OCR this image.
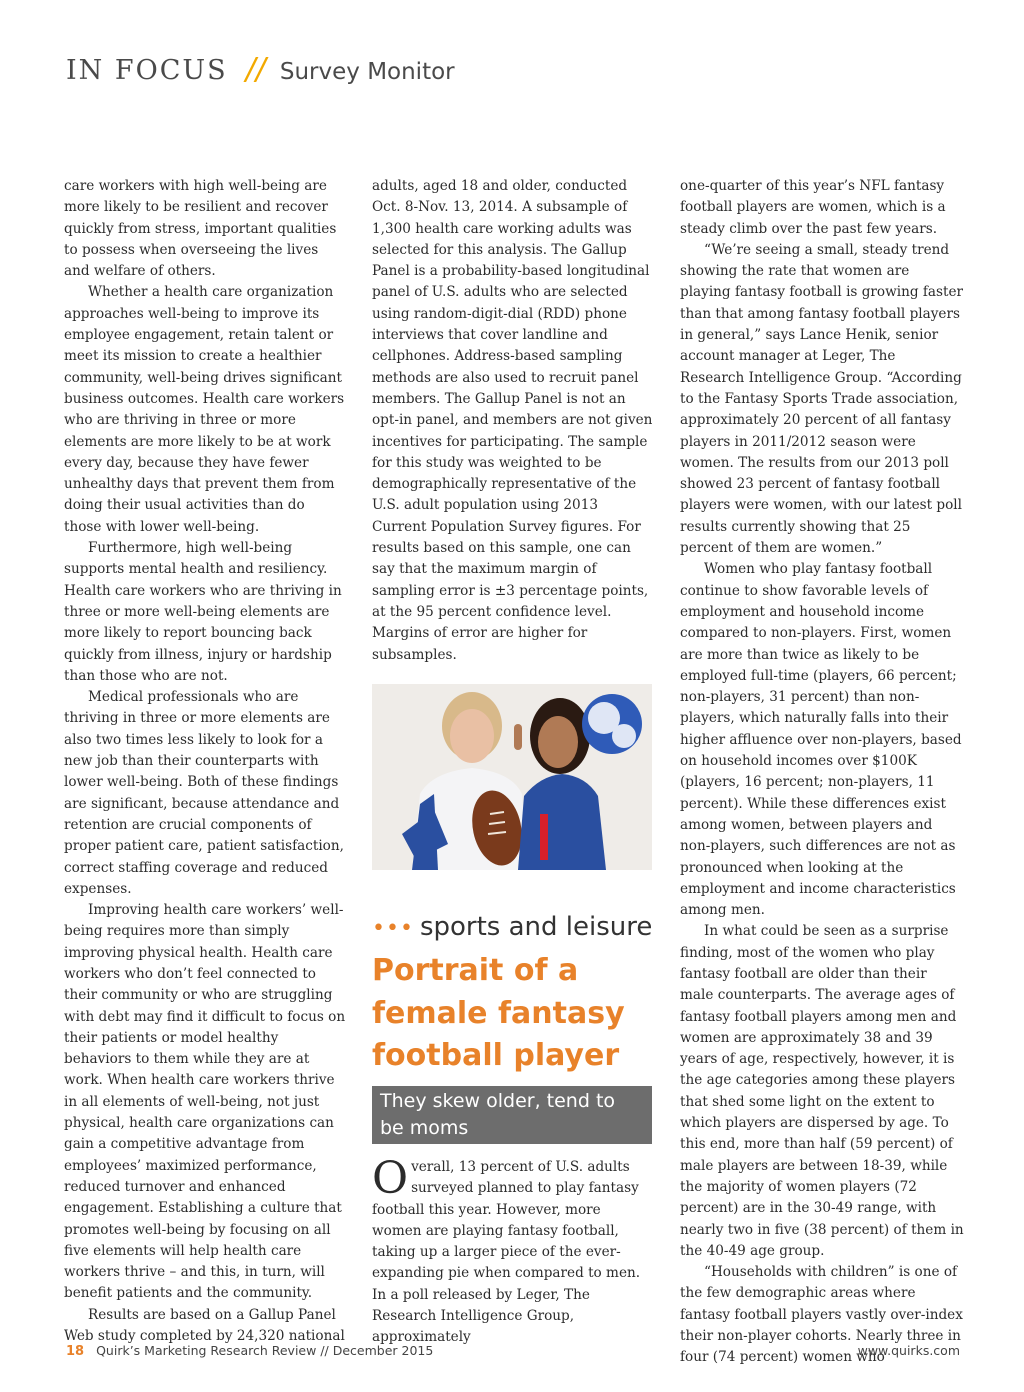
IN FOCUS // Survey Monitor

care workers with high well-being are more likely to be resilient and recover quickly from stress, important qualities to possess when overseeing the lives and welfare of others.

Whether a health care organization approaches well-being to improve its employee engagement, retain talent or meet its mission to create a healthier community, well-being drives significant business outcomes. Health care workers who are thriving in three or more elements are more likely to be at work every day, because they have fewer unhealthy days that prevent them from doing their usual activities than do those with lower well-being.

Furthermore, high well-being supports mental health and resiliency. Health care workers who are thriving in three or more well-being elements are more likely to report bouncing back quickly from illness, injury or hardship than those who are not.

Medical professionals who are thriving in three or more elements are also two times less likely to look for a new job than their counterparts with lower well-being. Both of these findings are significant, because attendance and retention are crucial components of proper patient care, patient satisfaction, correct staffing coverage and reduced expenses.

Improving health care workers’ well-being requires more than simply improving physical health. Health care workers who don’t feel connected to their community or who are struggling with debt may find it difficult to focus on their patients or model healthy behaviors to them while they are at work. When health care workers thrive in all elements of well-being, not just physical, health care organizations can gain a competitive advantage from employees’ maximized performance, reduced turnover and enhanced engagement. Establishing a culture that promotes well-being by focusing on all five elements will help health care workers thrive – and this, in turn, will benefit patients and the community.

Results are based on a Gallup Panel Web study completed by 24,320 national

adults, aged 18 and older, conducted Oct. 8-Nov. 13, 2014. A subsample of 1,300 health care working adults was selected for this analysis. The Gallup Panel is a probability-based longitudinal panel of U.S. adults who are selected using random-digit-dial (RDD) phone interviews that cover landline and cellphones. Address-based sampling methods are also used to recruit panel members. The Gallup Panel is not an opt-in panel, and members are not given incentives for participating. The sample for this study was weighted to be demographically representative of the U.S. adult population using 2013 Current Population Survey figures. For results based on this sample, one can say that the maximum margin of sampling error is ±3 percentage points, at the 95 percent confidence level. Margins of error are higher for subsamples.

••• sports and leisure
Portrait of a female fantasy football player
They skew older, tend to be moms

Overall, 13 percent of U.S. adults surveyed planned to play fantasy football this year. However, more women are playing fantasy football, taking up a larger piece of the ever-expanding pie when compared to men. In a poll released by Leger, The Research Intelligence Group, approximately

one-quarter of this year’s NFL fantasy football players are women, which is a steady climb over the past few years.

“We’re seeing a small, steady trend showing the rate that women are playing fantasy football is growing faster than that among fantasy football players in general,” says Lance Henik, senior account manager at Leger, The Research Intelligence Group. “According to the Fantasy Sports Trade association, approximately 20 percent of all fantasy players in 2011/2012 season were women. The results from our 2013 poll showed 23 percent of fantasy football players were women, with our latest poll results currently showing that 25 percent of them are women.”

Women who play fantasy football continue to show favorable levels of employment and household income compared to non-players. First, women are more than twice as likely to be employed full-time (players, 66 percent; non-players, 31 percent) than non-players, which naturally falls into their higher affluence over non-players, based on household incomes over $100K (players, 16 percent; non-players, 11 percent). While these differences exist among women, between players and non-players, such differences are not as pronounced when looking at the employment and income characteristics among men.

In what could be seen as a surprise finding, most of the women who play fantasy football are older than their male counterparts. The average ages of fantasy football players among men and women are approximately 38 and 39 years of age, respectively, however, it is the age categories among these players that shed some light on the extent to which players are dispersed by age. To this end, more than half (59 percent) of male players are between 18-39, while the majority of women players (72 percent) are in the 30-49 range, with nearly two in five (38 percent) of them in the 40-49 age group.

“Households with children” is one of the few demographic areas where fantasy football players vastly over-index their non-player cohorts. Nearly three in four (74 percent) women who

18 Quirk’s Marketing Research Review // December 2015	www.quirks.com
